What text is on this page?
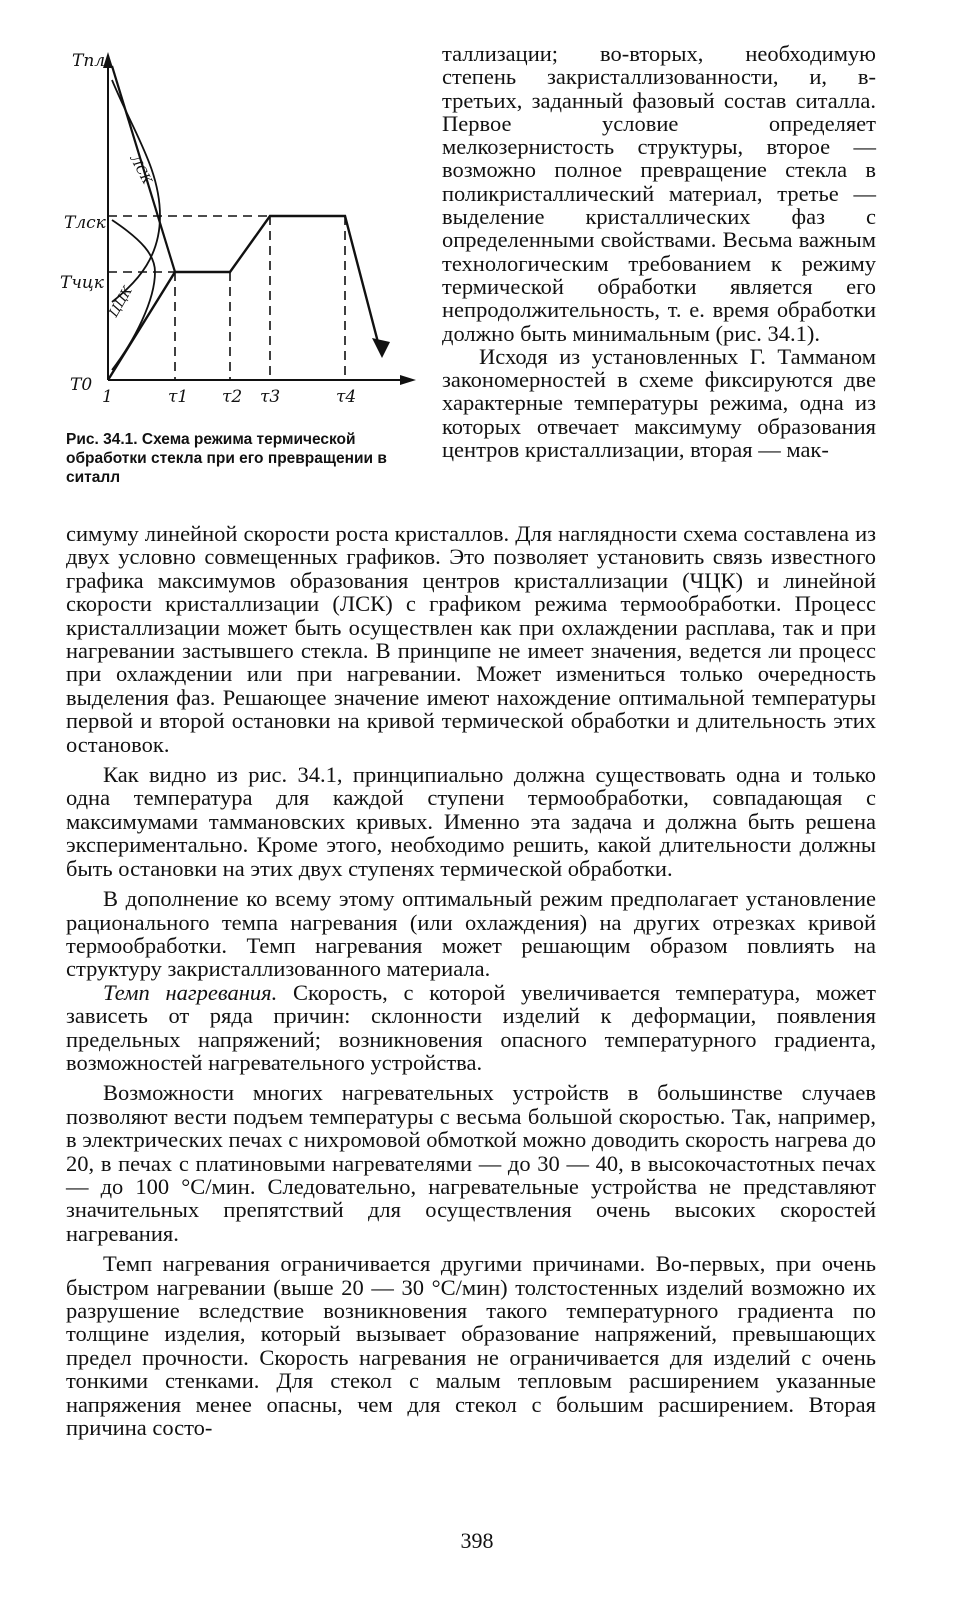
ЛСК
ЦЦК
Tпл
Tлск
Tчцк
T0
1	τ1 τ2 τ3	τ4
Рис. 34.1. Схема режима термической обработки стекла при его превращении в ситалл

таллизации; во-вторых, необходимую степень закристаллизованности, и, в-третьих, заданный фазовый состав ситалла. Первое условие определяет мелкозернистость структуры, второе — возможно полное превращение стекла в поликристаллический материал, третье — выделение кристаллических фаз с определенными свойствами. Весьма важным технологическим требованием к режиму термической обработки является его непродолжительность, т. е. время обработки должно быть минимальным (рис. 34.1).

Исходя из установленных Г. Тамманом закономерностей в схеме фиксируются две характерные температуры режима, одна из которых отвечает максимуму образования центров кристаллизации, вторая — мак-

симуму линейной скорости роста кристаллов. Для наглядности схема составлена из двух условно совмещенных графиков. Это позволяет установить связь известного графика максимумов образования центров кристаллизации (ЧЦК) и линейной скорости кристаллизации (ЛСК) с графиком режима термообработки. Процесс кристаллизации может быть осуществлен как при охлаждении расплава, так и при нагревании застывшего стекла. В принципе не имеет значения, ведется ли процесс при охлаждении или при нагревании. Может измениться только очередность выделения фаз. Решающее значение имеют нахождение оптимальной температуры первой и второй остановки на кривой термической обработки и длительность этих остановок.

Как видно из рис. 34.1, принципиально должна существовать одна и только одна температура для каждой ступени термообработки, совпадающая с максимумами таммановских кривых. Именно эта задача и должна быть решена экспериментально. Кроме этого, необходимо решить, какой длительности должны быть остановки на этих двух ступенях термической обработки.

В дополнение ко всему этому оптимальный режим предполагает установление рационального темпа нагревания (или охлаждения) на других отрезках кривой термообработки. Темп нагревания может решающим образом повлиять на структуру закристаллизованного материала.

Темп нагревания. Скорость, с которой увеличивается температура, может зависеть от ряда причин: склонности изделий к деформации, появления предельных напряжений; возникновения опасного температурного градиента, возможностей нагревательного устройства.

Возможности многих нагревательных устройств в большинстве случаев позволяют вести подъем температуры с весьма большой скоростью. Так, например, в электрических печах с нихромовой обмоткой можно доводить скорость нагрева до 20, в печах с платиновыми нагревателями — до 30 — 40, в высокочастотных печах — до 100 °С/мин. Следовательно, нагревательные устройства не представляют значительных препятствий для осуществления очень высоких скоростей нагревания.

Темп нагревания ограничивается другими причинами. Во-первых, при очень быстром нагревании (выше 20 — 30 °С/мин) толстостенных изделий возможно их разрушение вследствие возникновения такого температурного градиента по толщине изделия, который вызывает образование напряжений, превышающих предел прочности. Скорость нагревания не ограничивается для изделий с очень тонкими стенками. Для стекол с малым тепловым расширением указанные напряжения менее опасны, чем для стекол с большим расширением. Вторая причина состо-

398
